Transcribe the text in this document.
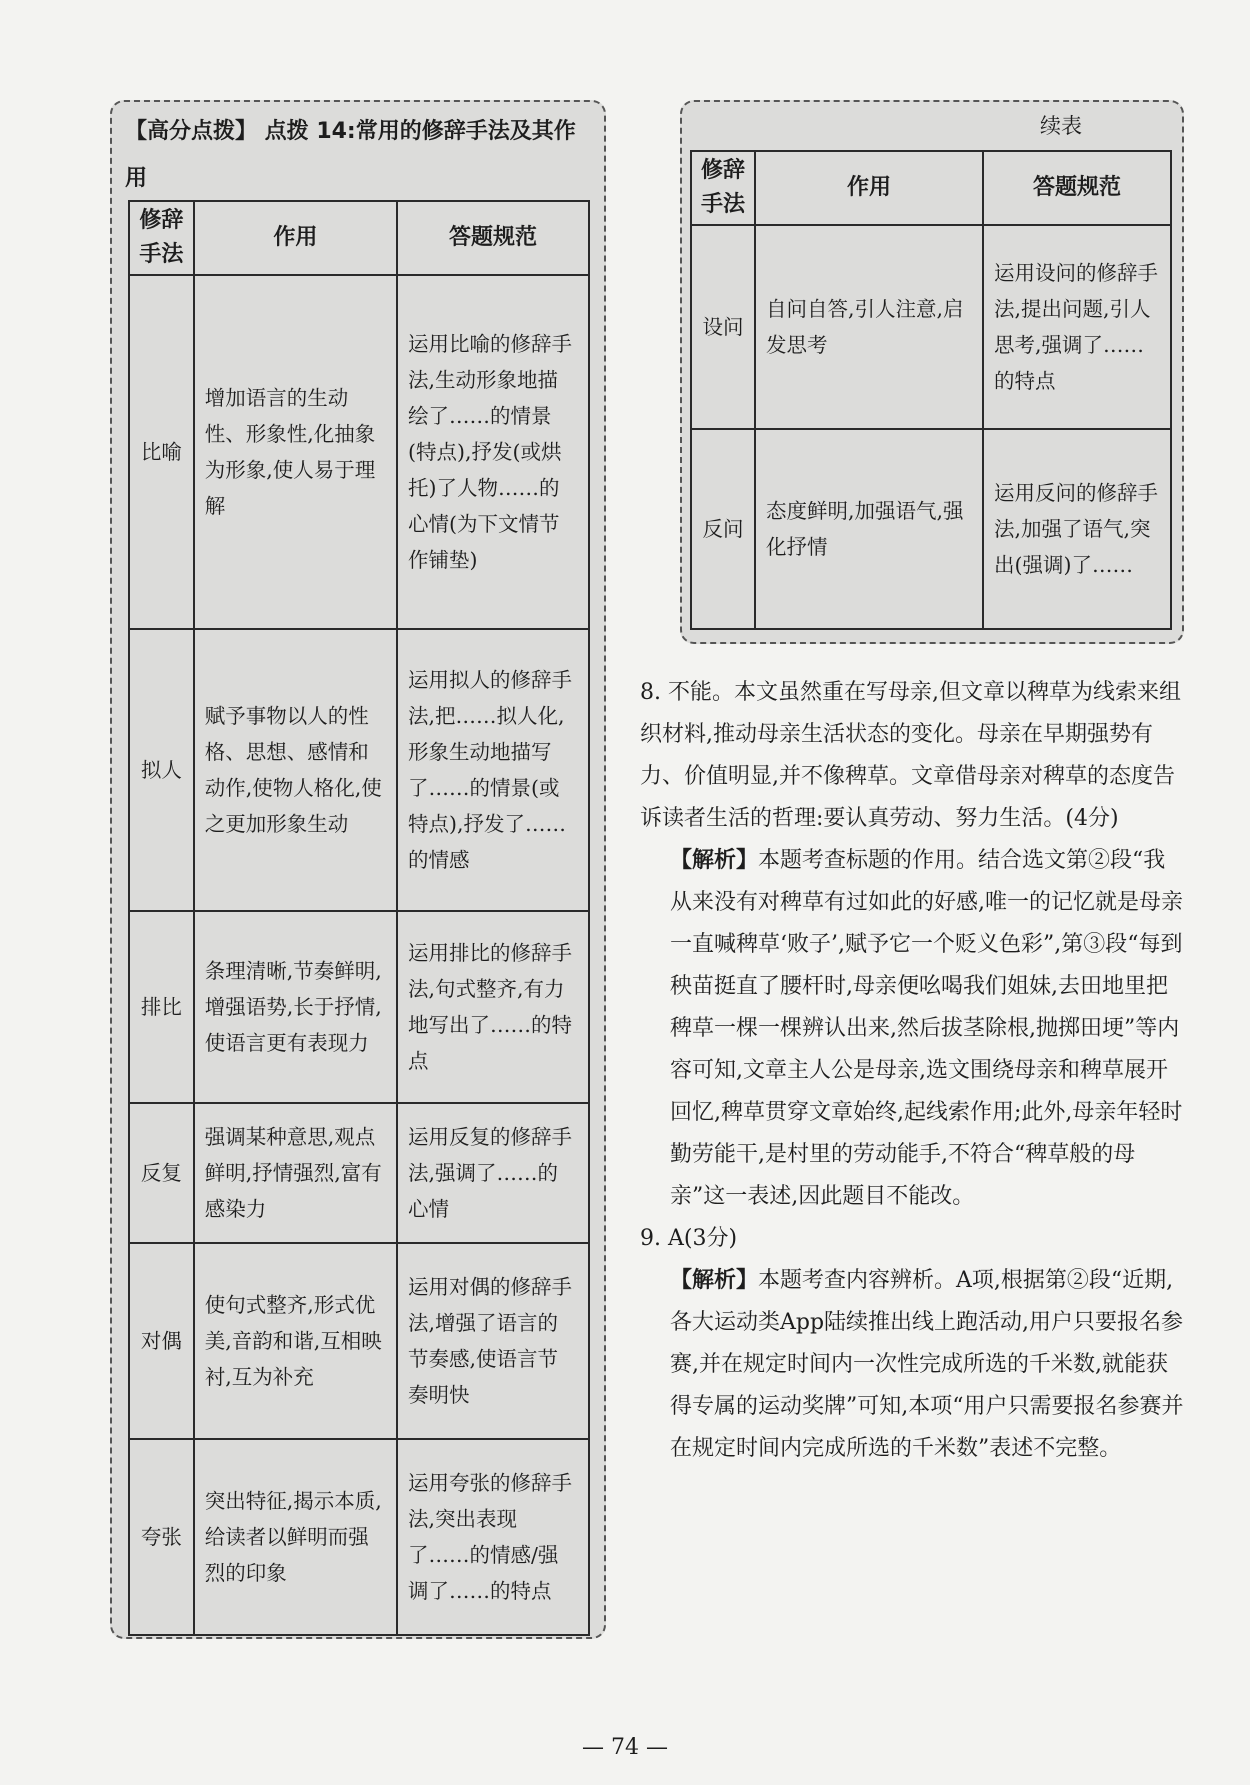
【高分点拨】 点拨 14:常用的修辞手法及其作用
修辞手法	作用	答题规范
比喻	增加语言的生动性、形象性,化抽象为形象,使人易于理解	运用比喻的修辞手法,生动形象地描绘了……的情景(特点),抒发(或烘托)了人物……的心情(为下文情节作铺垫)
拟人	赋予事物以人的性格、思想、感情和动作,使物人格化,使之更加形象生动	运用拟人的修辞手法,把……拟人化,形象生动地描写了……的情景(或特点),抒发了……的情感
排比	条理清晰,节奏鲜明,增强语势,长于抒情,使语言更有表现力	运用排比的修辞手法,句式整齐,有力地写出了……的特点
反复	强调某种意思,观点鲜明,抒情强烈,富有感染力	运用反复的修辞手法,强调了……的心情
对偶	使句式整齐,形式优美,音韵和谐,互相映衬,互为补充	运用对偶的修辞手法,增强了语言的节奏感,使语言节奏明快
夸张	突出特征,揭示本质,给读者以鲜明而强烈的印象	运用夸张的修辞手法,突出表现了……的情感/强调了……的特点
续表
修辞手法	作用	答题规范
设问	自问自答,引人注意,启发思考	运用设问的修辞手法,提出问题,引人思考,强调了……的特点
反问	态度鲜明,加强语气,强化抒情	运用反问的修辞手法,加强了语气,突出(强调)了……

8. 不能。本文虽然重在写母亲,但文章以稗草为线索来组织材料,推动母亲生活状态的变化。母亲在早期强势有力、价值明显,并不像稗草。文章借母亲对稗草的态度告诉读者生活的哲理:要认真劳动、努力生活。(4分)

【解析】本题考查标题的作用。结合选文第②段“我从来没有对稗草有过如此的好感,唯一的记忆就是母亲一直喊稗草‘败子’,赋予它一个贬义色彩”,第③段“每到秧苗挺直了腰杆时,母亲便吆喝我们姐妹,去田地里把稗草一棵一棵辨认出来,然后拔茎除根,抛掷田埂”等内容可知,文章主人公是母亲,选文围绕母亲和稗草展开回忆,稗草贯穿文章始终,起线索作用;此外,母亲年轻时勤劳能干,是村里的劳动能手,不符合“稗草般的母亲”这一表述,因此题目不能改。

9. A(3分)

【解析】本题考查内容辨析。A项,根据第②段“近期,各大运动类App陆续推出线上跑活动,用户只要报名参赛,并在规定时间内一次性完成所选的千米数,就能获得专属的运动奖牌”可知,本项“用户只需要报名参赛并在规定时间内完成所选的千米数”表述不完整。

— 74 —
